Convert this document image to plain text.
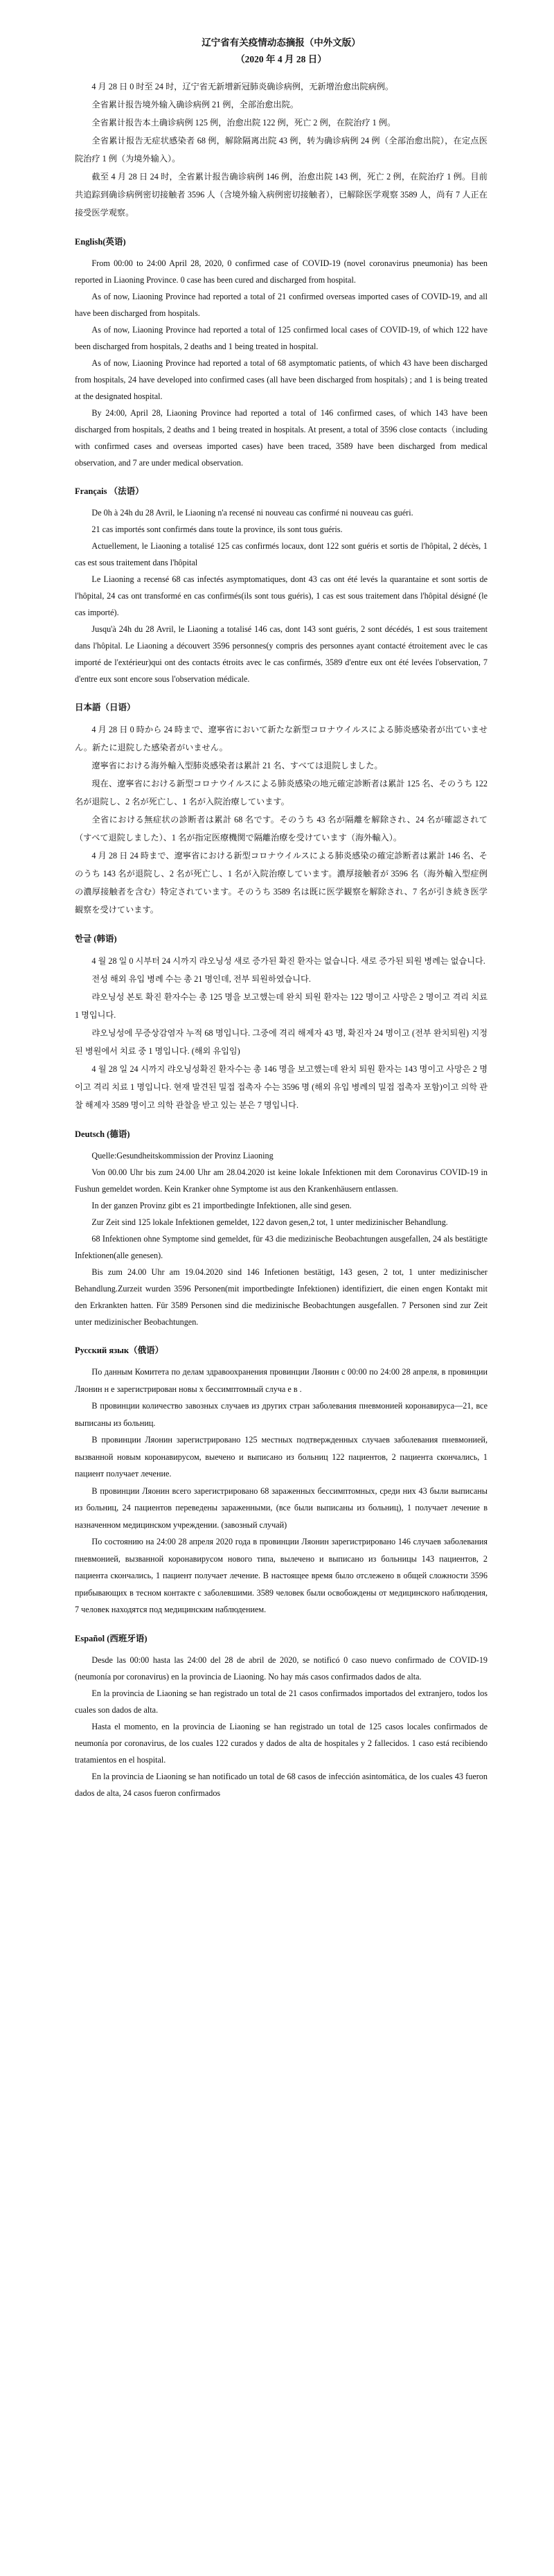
辽宁省有关疫情动态摘报（中外文版）
（2020 年 4 月 28 日）

4 月 28 日 0 时至 24 时，辽宁省无新增新冠肺炎确诊病例，无新增治愈出院病例。

全省累计报告境外输入确诊病例 21 例，全部治愈出院。

全省累计报告本土确诊病例 125 例，治愈出院 122 例，死亡 2 例，在院治疗 1 例。

全省累计报告无症状感染者 68 例，解除隔离出院 43 例，转为确诊病例 24 例（全部治愈出院），在定点医院治疗 1 例（为境外输入）。

截至 4 月 28 日 24 时，全省累计报告确诊病例 146 例，治愈出院 143 例，死亡 2 例，在院治疗 1 例。目前共追踪到确诊病例密切接触者 3596 人（含境外输入病例密切接触者），已解除医学观察 3589 人，尚有 7 人正在接受医学观察。

English(英语)

From 00:00 to 24:00 April 28, 2020, 0 confirmed case of COVID-19 (novel coronavirus pneumonia) has been reported in Liaoning Province. 0 case has been cured and discharged from hospital.

As of now, Liaoning Province had reported a total of 21 confirmed overseas imported cases of COVID-19, and all have been discharged from hospitals.

As of now, Liaoning Province had reported a total of 125 confirmed local cases of COVID-19, of which 122 have been discharged from hospitals, 2 deaths and 1 being treated in hospital.

As of now, Liaoning Province had reported a total of 68 asymptomatic patients, of which 43 have been discharged from hospitals, 24 have developed into confirmed cases (all have been discharged from hospitals) ; and 1 is being treated at the designated hospital.

By 24:00, April 28, Liaoning Province had reported a total of 146 confirmed cases, of which 143 have been discharged from hospitals, 2 deaths and 1 being treated in hospitals. At present, a total of 3596 close contacts（including with confirmed cases and overseas imported cases) have been traced, 3589 have been discharged from medical observation, and 7 are under medical observation.

Français （法语）

De 0h à 24h du 28 Avril, le Liaoning n'a recensé ni nouveau cas confirmé ni nouveau cas guéri.

21 cas importés sont confirmés dans toute la province, ils sont tous guéris.

Actuellement, le Liaoning a totalisé 125 cas confirmés locaux, dont 122 sont guéris et sortis de l'hôpital, 2 décès, 1 cas est sous traitement dans l'hôpital

Le Liaoning a recensé 68 cas infectés asymptomatiques, dont 43 cas ont été levés la quarantaine et sont sortis de l'hôpital, 24 cas ont transformé en cas confirmés(ils sont tous guéris), 1 cas est sous traitement dans l'hôpital désigné (le cas importé).

Jusqu'à 24h du 28 Avril, le Liaoning a totalisé 146 cas, dont 143 sont guéris, 2 sont décédés, 1 est sous traitement dans l'hôpital. Le Liaoning a découvert 3596 personnes(y compris des personnes ayant contacté étroitement avec le cas importé de l'extérieur)qui ont des contacts étroits avec le cas confirmés, 3589 d'entre eux ont été levées l'observation, 7 d'entre eux sont encore sous l'observation médicale.

日本語（日语）

4 月 28 日 0 時から 24 時まで、遼寧省において新たな新型コロナウイルスによる肺炎感染者が出ていません。新たに退院した感染者がいません。

遼寧省における海外輸入型肺炎感染者は累計 21 名、すべては退院しました。

現在、遼寧省における新型コロナウイルスによる肺炎感染の地元確定診断者は累計 125 名、そのうち 122 名が退院し、2 名が死亡し、1 名が入院治療しています。

全省における無症状の診断者は累計 68 名です。そのうち 43 名が隔離を解除され、24 名が確認されて（すべて退院しました）、1 名が指定医療機関で隔離治療を受けています（海外輸入）。

4 月 28 日 24 時まで、遼寧省における新型コロナウイルスによる肺炎感染の確定診断者は累計 146 名、そのうち 143 名が退院し、2 名が死亡し、1 名が入院治療しています。濃厚接触者が 3596 名（海外輸入型症例の濃厚接触者を含む）特定されています。そのうち 3589 名は既に医学観察を解除され、7 名が引き続き医学観察を受けています。

한글 (韩语)

4 월 28 일 0 시부터 24 시까지 랴오닝성 새로 증가된 확진 환자는 없습니다. 새로 증가된 퇴원 병례는 없습니다.

전성 해외 유입 병례 수는 총 21 명인데, 전부 퇴원하였습니다.

랴오닝성 본토 확진 환자수는 총 125 명을 보고했는데 완치 퇴원 환자는 122 명이고 사망은 2 명이고 격리 치료 1 명입니다.

랴오닝성에 무증상감염자 누적 68 명입니다. 그중에 격리 해제자 43 명, 확진자 24 명이고 (전부 완치퇴원) 지정된 병원에서 치료 중 1 명입니다. (해외 유입임)

4 월 28 일 24 시까지 랴오닝성확진 환자수는 총 146 명을 보고했는데 완치 퇴원 환자는 143 명이고 사망은 2 명이고 격리 치료 1 명입니다. 현재 발견된 밀접 접촉자 수는 3596 명 (해외 유입 병례의 밀접 접촉자 포함)이고 의학 관찰 해제자 3589 명이고 의학 관찰을 받고 있는 분은 7 명입니다.

Deutsch (德语)

Quelle:Gesundheitskommission der Provinz Liaoning

Von 00.00 Uhr bis zum 24.00 Uhr am 28.04.2020 ist keine lokale Infektionen mit dem Coronavirus COVID-19 in Fushun gemeldet worden. Kein Kranker ohne Symptome ist aus den Krankenhäusern entlassen.

In der ganzen Provinz gibt es 21 importbedingte Infektionen, alle sind gesen.

Zur Zeit sind 125 lokale Infektionen gemeldet, 122 davon gesen,2 tot, 1 unter medizinischer Behandlung.

68 Infektionen ohne Symptome sind gemeldet, für 43 die medizinische Beobachtungen ausgefallen, 24 als bestätigte Infektionen(alle genesen).

Bis zum 24.00 Uhr am 19.04.2020 sind 146 Infetionen bestätigt, 143 gesen, 2 tot, 1 unter medizinischer Behandlung.Zurzeit wurden 3596 Personen(mit importbedingte Infektionen) identifiziert, die einen engen Kontakt mit den Erkrankten hatten. Für 3589 Personen sind die medizinische Beobachtungen ausgefallen. 7 Personen sind zur Zeit unter medizinischer Beobachtungen.

Русский язык（俄语）

По данным Комитета по делам здравоохранения провинции Ляонин с 00:00 по 24:00 28 апреля, в провинции Ляонин н е зарегистрирован новы х бессимптомный случа е в .

В провинции количество завозных случаев из других стран заболевания пневмонией коронавируса—21, все выписаны из больниц.

В провинции Ляонин зарегистрировано 125 местных подтвержденных случаев заболевания пневмонией, вызванной новым коронавирусом, выечено и выписано из больниц 122 пациентов, 2 пациента скончались, 1 пациент получает лечение.

В провинции Ляонин всего зарегистрировано 68 зараженных бессимптомных, среди них 43 были выписаны из больниц, 24 пациентов переведены зараженными, (все были выписаны из больниц), 1 получает лечение в назначенном медицинском учреждении. (завозный случай)

По состоянию на 24:00 28 апреля 2020 года в провинции Ляонин зарегистрировано 146 случаев заболевания пневмонией, вызванной коронавирусом нового типа, вылечено и выписано из больницы 143 пациентов, 2 пациента скончались, 1 пациент получает лечение. В настоящее время было отслежено в общей сложности 3596 прибывающих в тесном контакте с заболевшими. 3589 человек были освобождены от медицинского наблюдения, 7 человек находятся под медицинским наблюдением.

Español (西班牙语)

Desde las 00:00 hasta las 24:00 del 28 de abril de 2020, se notificó 0 caso nuevo confirmado de COVID-19 (neumonía por coronavirus) en la provincia de Liaoning. No hay más casos confirmados dados de alta.

En la provincia de Liaoning se han registrado un total de 21 casos confirmados importados del extranjero, todos los cuales son dados de alta.

Hasta el momento, en la provincia de Liaoning se han registrado un total de 125 casos locales confirmados de neumonía por coronavirus, de los cuales 122 curados y dados de alta de hospitales y 2 fallecidos. 1 caso está recibiendo tratamientos en el hospital.

En la provincia de Liaoning se han notificado un total de 68 casos de infección asintomática, de los cuales 43 fueron dados de alta, 24 casos fueron confirmados
